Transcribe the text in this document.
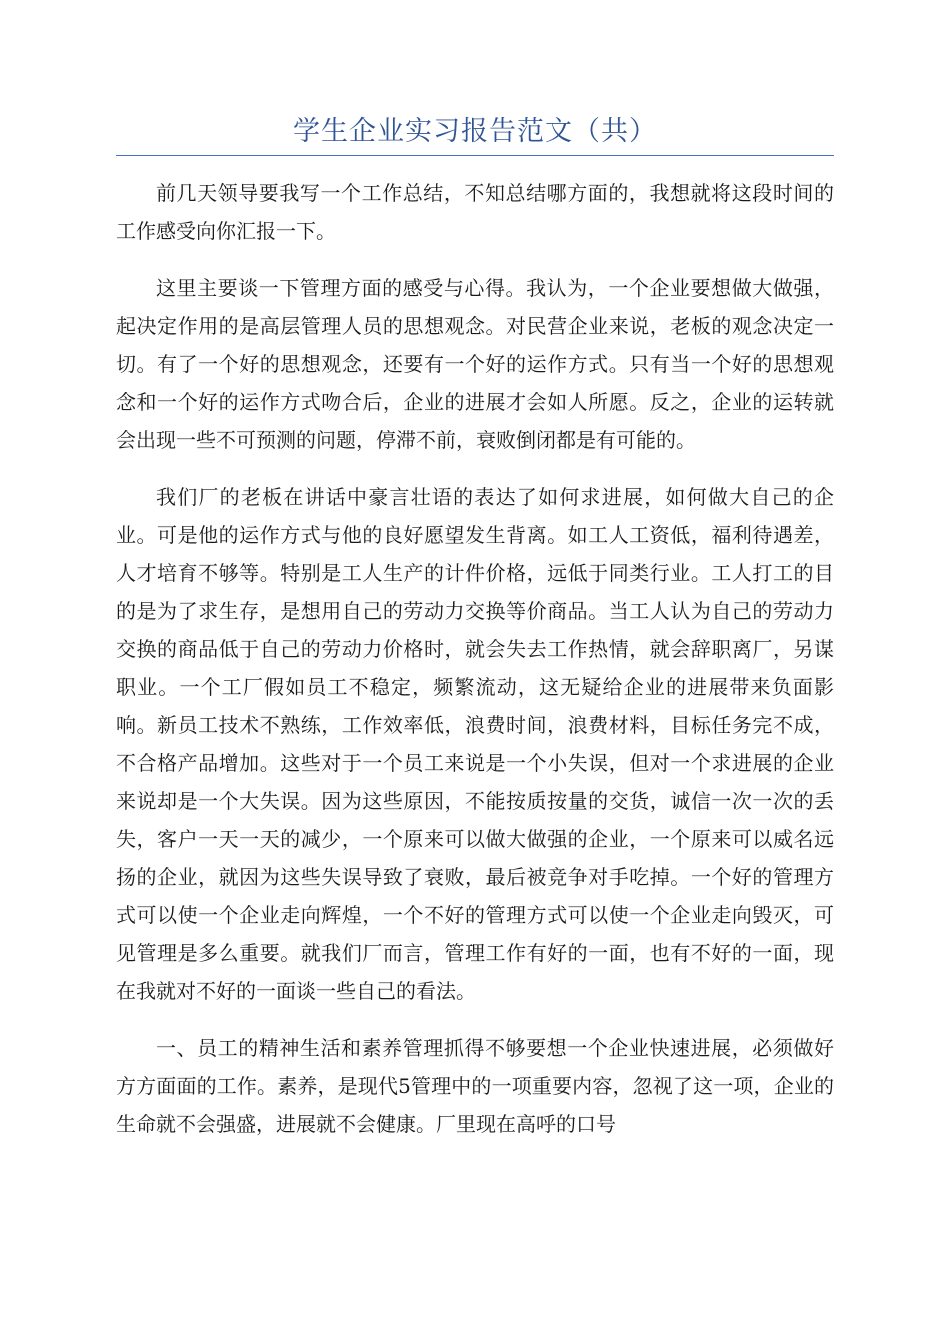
学生企业实习报告范文（共）

前几天领导要我写一个工作总结，不知总结哪方面的，我想就将这段时间的工作感受向你汇报一下。

这里主要谈一下管理方面的感受与心得。我认为，一个企业要想做大做强，起决定作用的是高层管理人员的思想观念。对民营企业来说，老板的观念决定一切。有了一个好的思想观念，还要有一个好的运作方式。只有当一个好的思想观念和一个好的运作方式吻合后，企业的进展才会如人所愿。反之，企业的运转就会出现一些不可预测的问题，停滞不前，衰败倒闭都是有可能的。

我们厂的老板在讲话中豪言壮语的表达了如何求进展，如何做大自己的企业。可是他的运作方式与他的良好愿望发生背离。如工人工资低，福利待遇差，人才培育不够等。特别是工人生产的计件价格，远低于同类行业。工人打工的目的是为了求生存，是想用自己的劳动力交换等价商品。当工人认为自己的劳动力交换的商品低于自己的劳动力价格时，就会失去工作热情，就会辞职离厂，另谋职业。一个工厂假如员工不稳定，频繁流动，这无疑给企业的进展带来负面影响。新员工技术不熟练，工作效率低，浪费时间，浪费材料，目标任务完不成，不合格产品增加。这些对于一个员工来说是一个小失误，但对一个求进展的企业来说却是一个大失误。因为这些原因，不能按质按量的交货，诚信一次一次的丢失，客户一天一天的减少，一个原来可以做大做强的企业，一个原来可以威名远扬的企业，就因为这些失误导致了衰败，最后被竞争对手吃掉。一个好的管理方式可以使一个企业走向辉煌，一个不好的管理方式可以使一个企业走向毁灭，可见管理是多么重要。就我们厂而言，管理工作有好的一面，也有不好的一面，现在我就对不好的一面谈一些自己的看法。

一、员工的精神生活和素养管理抓得不够要想一个企业快速进展，必须做好方方面面的工作。素养，是现代5管理中的一项重要内容，忽视了这一项，企业的生命就不会强盛，进展就不会健康。厂里现在高呼的口号
